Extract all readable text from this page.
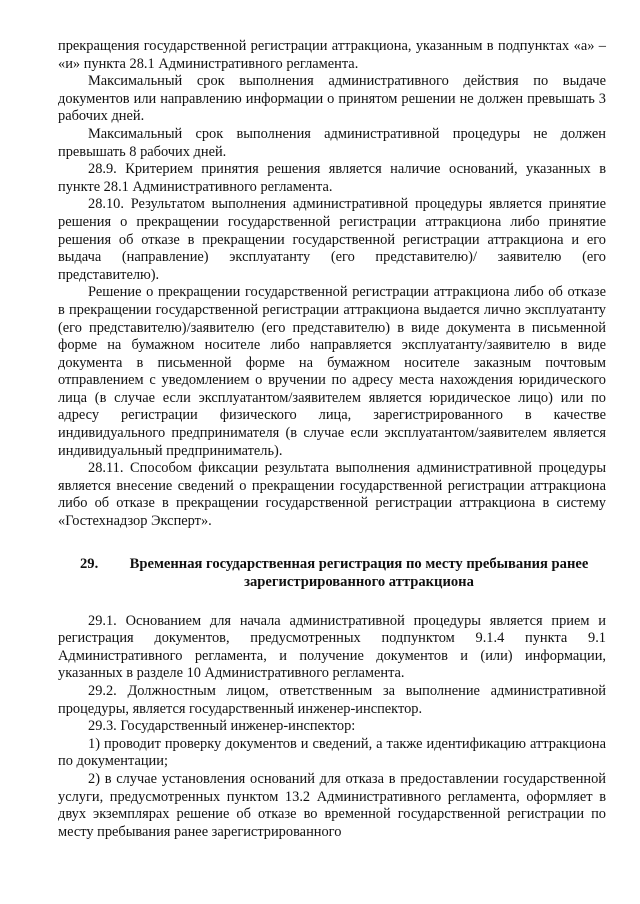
прекращения государственной регистрации аттракциона, указанным в подпунктах «а» – «и» пункта 28.1 Административного регламента.

Максимальный срок выполнения административного действия по выдаче документов или направлению информации о принятом решении не должен превышать 3 рабочих дней.

Максимальный срок выполнения административной процедуры не должен превышать 8 рабочих дней.

28.9. Критерием принятия решения является наличие оснований, указанных в пункте 28.1 Административного регламента.

28.10. Результатом выполнения административной процедуры является принятие решения о прекращении государственной регистрации аттракциона либо принятие решения об отказе в прекращении государственной регистрации аттракциона и его выдача (направление) эксплуатанту (его представителю)/ заявителю (его представителю).

Решение о прекращении государственной регистрации аттракциона либо об отказе в прекращении государственной регистрации аттракциона выдается лично эксплуатанту (его представителю)/заявителю (его представителю) в виде документа в письменной форме на бумажном носителе либо направляется эксплуатанту/заявителю в виде документа в письменной форме на бумажном носителе заказным почтовым отправлением с уведомлением о вручении по адресу места нахождения юридического лица (в случае если эксплуатантом/заявителем является юридическое лицо) или по адресу регистрации физического лица, зарегистрированного в качестве индивидуального предпринимателя (в случае если эксплуатантом/заявителем является индивидуальный предприниматель).

28.11. Способом фиксации результата выполнения административной процедуры является внесение сведений о прекращении государственной регистрации аттракциона либо об отказе в прекращении государственной регистрации аттракциона в систему «Гостехнадзор Эксперт».

29.	Временная государственная регистрация по месту пребывания ранее зарегистрированного аттракциона

29.1. Основанием для начала административной процедуры является прием и регистрация документов, предусмотренных подпунктом 9.1.4 пункта 9.1 Административного регламента, и получение документов и (или) информации, указанных в разделе 10 Административного регламента.

29.2. Должностным лицом, ответственным за выполнение административной процедуры, является государственный инженер-инспектор.

29.3. Государственный инженер-инспектор:

1) проводит проверку документов и сведений, а также идентификацию аттракциона по документации;

2) в случае установления оснований для отказа в предоставлении государственной услуги, предусмотренных пунктом 13.2 Административного регламента, оформляет в двух экземплярах решение об отказе во временной государственной регистрации по месту пребывания ранее зарегистрированного
